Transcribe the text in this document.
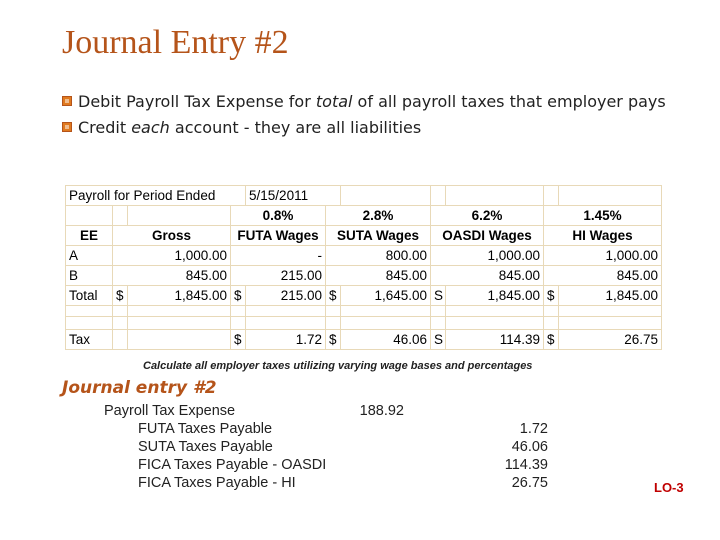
Journal Entry #2
Debit Payroll Tax Expense for total of all payroll taxes that employer pays
Credit each account - they are all liabilities
Payroll for Period Ended				5/15/2011						
			0.8%		2.8%		6.2%		1.45%	
EE	Gross		FUTA Wages		SUTA Wages		OASDI Wages		HI Wages	
A	1,000.00		-		800.00		1,000.00		1,000.00	
B	845.00		215.00		845.00		845.00		845.00	
Total	$	1,845.00	$	215.00	$	1,645.00	S	1,845.00	$	1,845.00

Tax			$	1.72	$	46.06	S	114.39	$	26.75
Calculate all employer taxes utilizing varying wage bases and percentages
Journal entry #2
Payroll Tax Expense	188.92
FUTA Taxes Payable	1.72
SUTA Taxes Payable	46.06
FICA Taxes Payable - OASDI	114.39
FICA Taxes Payable - HI	26.75	LO-3
